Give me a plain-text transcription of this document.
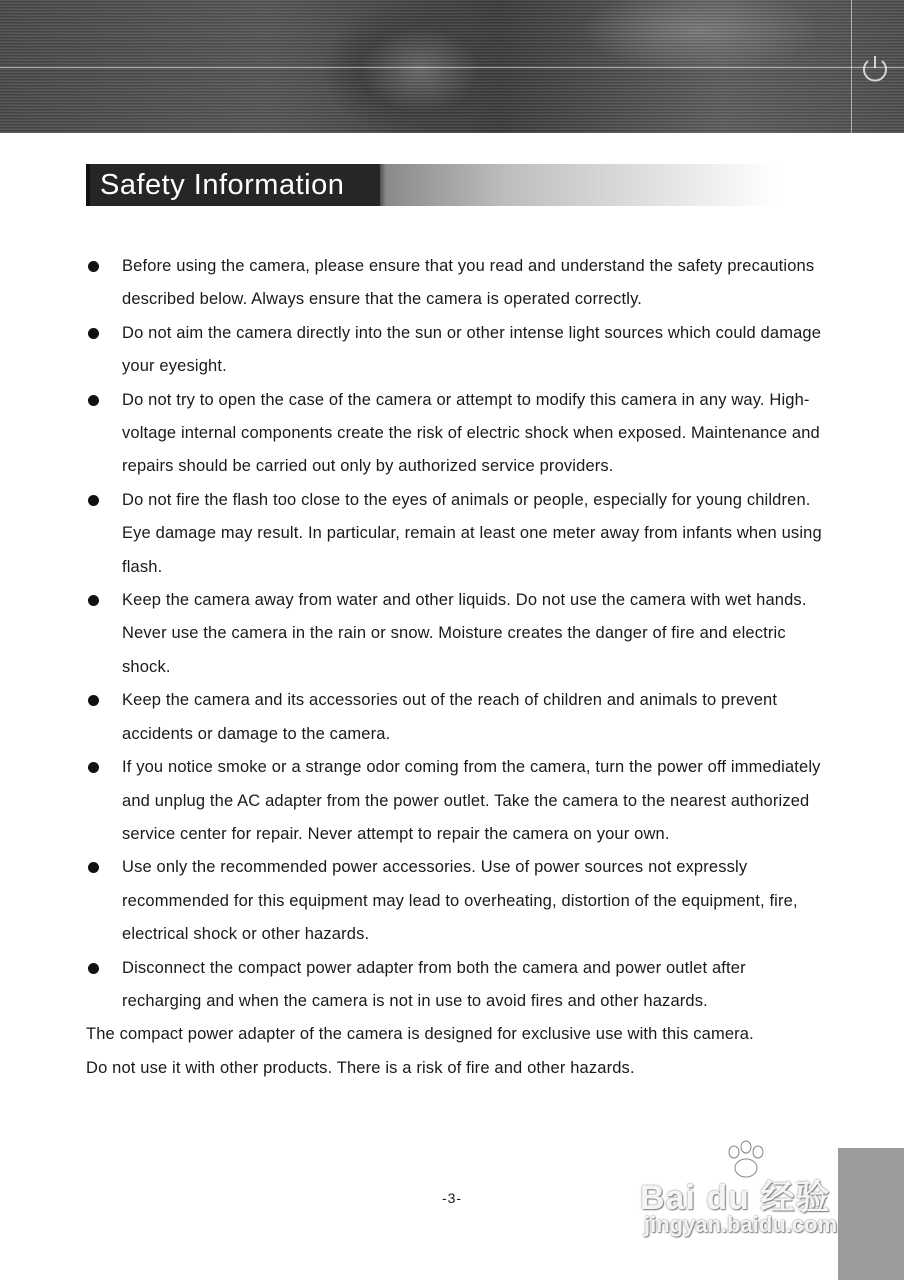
Safety Information
Before using the camera, please ensure that you read and understand the safety precautions described below. Always ensure that the camera is operated correctly.
Do not aim the camera directly into the sun or other intense light sources which could damage your eyesight.
Do not try to open the case of the camera or attempt to modify this camera in any way. High-voltage internal components create the risk of electric shock when exposed. Maintenance and repairs should be carried out only by authorized service providers.
Do not fire the flash too close to the eyes of animals or people, especially for young children. Eye damage may result. In particular, remain at least one meter away from infants when using flash.
Keep the camera away from water and other liquids. Do not use the camera with wet hands. Never use the camera in the rain or snow. Moisture creates the danger of fire and electric shock.
Keep the camera and its accessories out of the reach of children and animals to prevent accidents or damage to the camera.
If you notice smoke or a strange odor coming from the camera, turn the power off immediately and unplug the AC adapter from the power outlet. Take the camera to the nearest authorized service center for repair. Never attempt to repair the camera on your own.
Use only the recommended power accessories. Use of power sources not expressly recommended for this equipment may lead to overheating, distortion of the equipment, fire, electrical shock or other hazards.
Disconnect the compact power adapter from both the camera and power outlet after recharging and when the camera is not in use to avoid fires and other hazards.

The compact power adapter of the camera is designed for exclusive use with this camera.

Do not use it with other products. There is a risk of fire and other hazards.

-3-	Bai du 经验
jingyan.baidu.com
